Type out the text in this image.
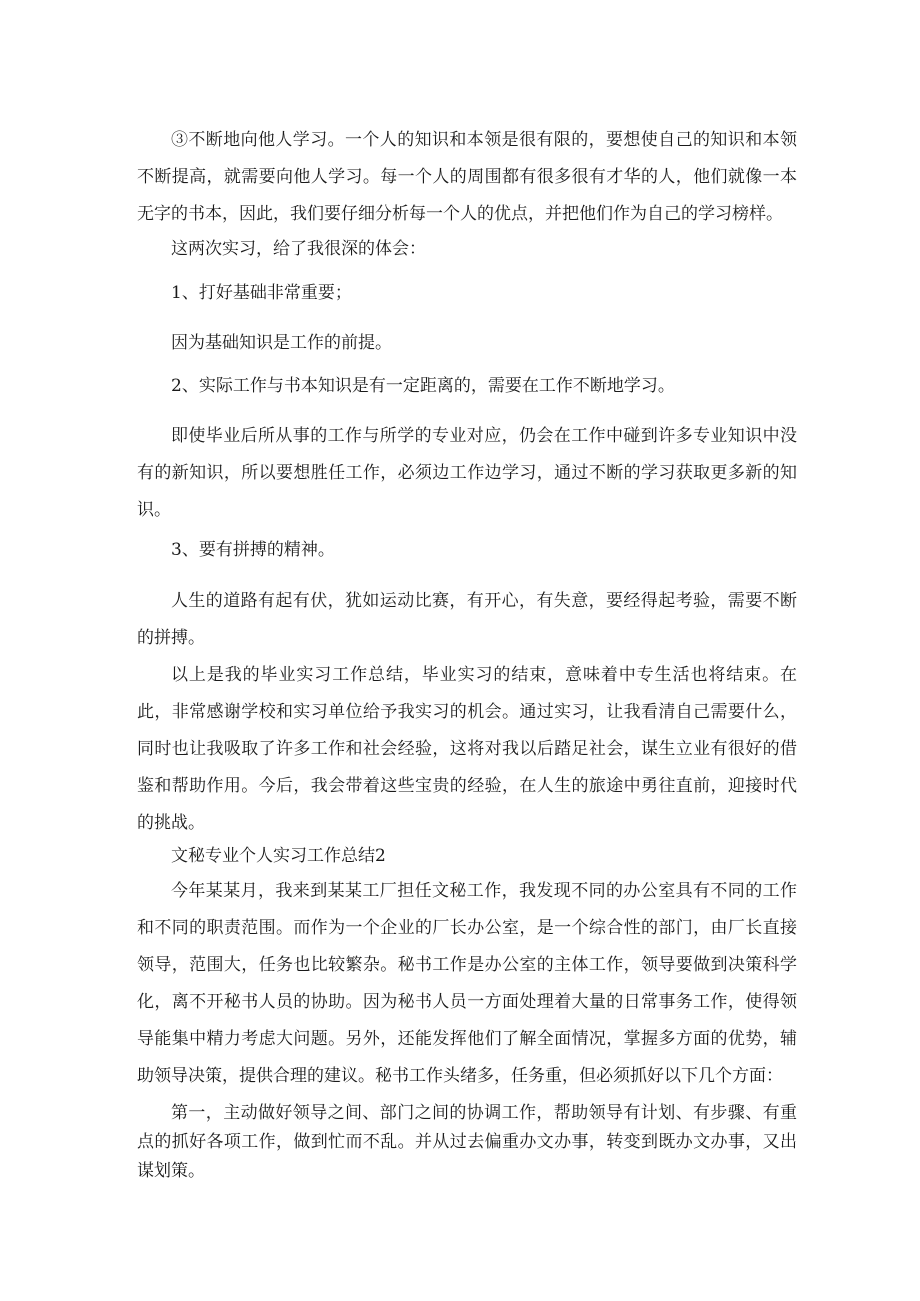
③不断地向他人学习。一个人的知识和本领是很有限的，要想使自己的知识和本领不断提高，就需要向他人学习。每一个人的周围都有很多很有才华的人，他们就像一本无字的书本，因此，我们要仔细分析每一个人的优点，并把他们作为自己的学习榜样。
这两次实习，给了我很深的体会：
1、打好基础非常重要；
因为基础知识是工作的前提。
2、实际工作与书本知识是有一定距离的，需要在工作不断地学习。
即使毕业后所从事的工作与所学的专业对应，仍会在工作中碰到许多专业知识中没有的新知识，所以要想胜任工作，必须边工作边学习，通过不断的学习获取更多新的知识。
3、要有拼搏的精神。
人生的道路有起有伏，犹如运动比赛，有开心，有失意，要经得起考验，需要不断的拼搏。
以上是我的毕业实习工作总结，毕业实习的结束，意味着中专生活也将结束。在此，非常感谢学校和实习单位给予我实习的机会。通过实习，让我看清自己需要什么，同时也让我吸取了许多工作和社会经验，这将对我以后踏足社会，谋生立业有很好的借鉴和帮助作用。今后，我会带着这些宝贵的经验，在人生的旅途中勇往直前，迎接时代的挑战。
文秘专业个人实习工作总结2
今年某某月，我来到某某工厂担任文秘工作，我发现不同的办公室具有不同的工作和不同的职责范围。而作为一个企业的厂长办公室，是一个综合性的部门，由厂长直接领导，范围大，任务也比较繁杂。秘书工作是办公室的主体工作，领导要做到决策科学化，离不开秘书人员的协助。因为秘书人员一方面处理着大量的日常事务工作，使得领导能集中精力考虑大问题。另外，还能发挥他们了解全面情况，掌握多方面的优势，辅助领导决策，提供合理的建议。秘书工作头绪多，任务重，但必须抓好以下几个方面：
第一，主动做好领导之间、部门之间的协调工作，帮助领导有计划、有步骤、有重点的抓好各项工作，做到忙而不乱。并从过去偏重办文办事，转变到既办文办事，又出谋划策。
